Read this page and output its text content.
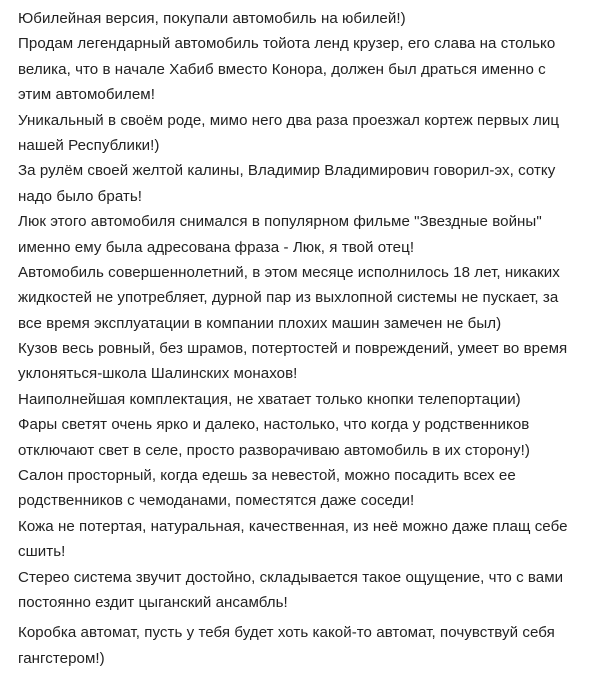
Юбилейная версия, покупали автомобиль на юбилей!)
Продам легендарный автомобиль тойота ленд крузер, его слава на столько
велика, что в начале Хабиб вместо Конора, должен был драться именно с
этим автомобилем!
Уникальный в своём роде, мимо него два раза проезжал кортеж первых лиц
нашей Республики!)
За рулём своей желтой калины, Владимир Владимирович говорил-эх, сотку
надо было брать!
Люк этого автомобиля снимался в популярном фильме "Звездные войны"
именно ему была адресована фраза - Люк, я твой отец!
Автомобиль совершеннолетний, в этом месяце исполнилось 18 лет, никаких
жидкостей не употребляет, дурной пар из выхлопной системы не пускает, за
все время эксплуатации в компании плохих машин замечен не был)
Кузов весь ровный, без шрамов, потертостей и повреждений, умеет во время
уклоняться-школа Шалинских монахов!
Наиполнейшая комплектация, не хватает только кнопки телепортации)
Фары светят очень ярко и далеко, настолько, что когда у родственников
отключают свет в селе, просто разворачиваю автомобиль в их сторону!)
Салон просторный, когда едешь за невестой, можно посадить всех ее
родственников с чемоданами, поместятся даже соседи!
Кожа не потертая, натуральная, качественная, из неё можно даже плащ себе
сшить!
Стерео система звучит достойно, складывается такое ощущение, что с вами
постоянно ездит цыганский ансамбль!
Коробка автомат, пусть у тебя будет хоть какой-то автомат, почувствуй себя
гангстером!)
